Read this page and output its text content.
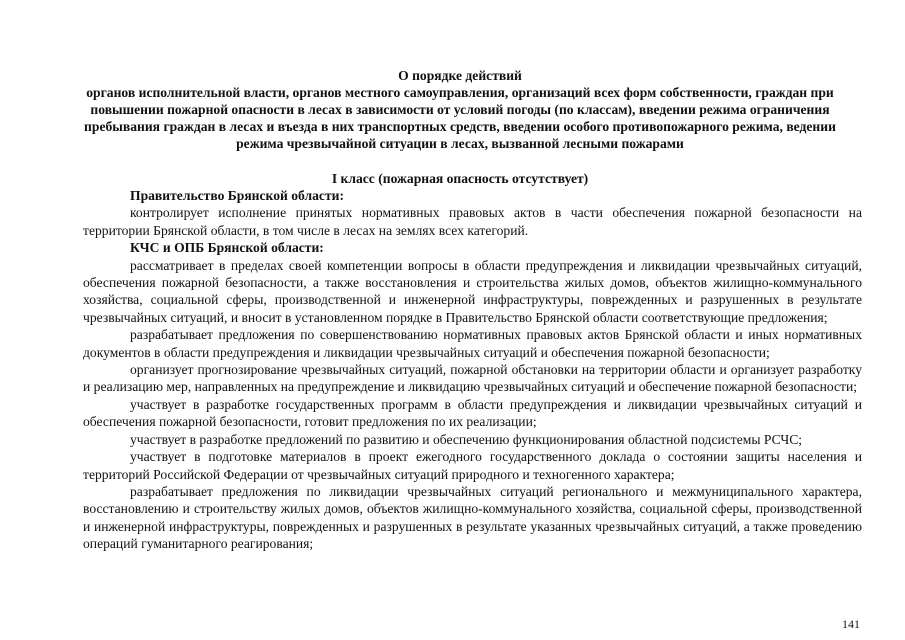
О порядке действий
органов исполнительной власти, органов местного самоуправления, организаций всех форм собственности, граждан при повышении пожарной опасности в лесах в зависимости от условий погоды (по классам), введении режима ограничения пребывания граждан в лесах и въезда в них транспортных средств, введении особого противопожарного режима, ведении режима чрезвычайной ситуации в лесах, вызванной лесными пожарами
I класс (пожарная опасность отсутствует)

Правительство Брянской области:

контролирует исполнение принятых нормативных правовых актов в части обеспечения пожарной безопасности на территории Брянской области, в том числе в лесах на землях всех категорий.

КЧС и ОПБ Брянской области:

рассматривает в пределах своей компетенции вопросы в области предупреждения и ликвидации чрезвычайных ситуаций, обеспечения пожарной безопасности, а также восстановления и строительства жилых домов, объектов жилищно-коммунального хозяйства, социальной сферы, производственной и инженерной инфраструктуры, поврежденных и разрушенных в результате чрезвычайных ситуаций, и вносит в установленном порядке в Правительство Брянской области соответствующие предложения;

разрабатывает предложения по совершенствованию нормативных правовых актов Брянской области и иных нормативных документов в области предупреждения и ликвидации чрезвычайных ситуаций и обеспечения пожарной безопасности;

организует прогнозирование чрезвычайных ситуаций, пожарной обстановки на территории области и организует разработку и реализацию мер, направленных на предупреждение и ликвидацию чрезвычайных ситуаций и обеспечение пожарной безопасности;

участвует в разработке государственных программ в области предупреждения и ликвидации чрезвычайных ситуаций и обеспечения пожарной безопасности, готовит предложения по их реализации;

участвует в разработке предложений по развитию и обеспечению функционирования областной подсистемы РСЧС;

участвует в подготовке материалов в проект ежегодного государственного доклада о состоянии защиты населения и территорий Российской Федерации от чрезвычайных ситуаций природного и техногенного характера;

разрабатывает предложения по ликвидации чрезвычайных ситуаций регионального и межмуниципального характера, восстановлению и строительству жилых домов, объектов жилищно-коммунального хозяйства, социальной сферы, производственной и инженерной инфраструктуры, поврежденных и разрушенных в результате указанных чрезвычайных ситуаций, а также проведению операций гуманитарного реагирования;

141
